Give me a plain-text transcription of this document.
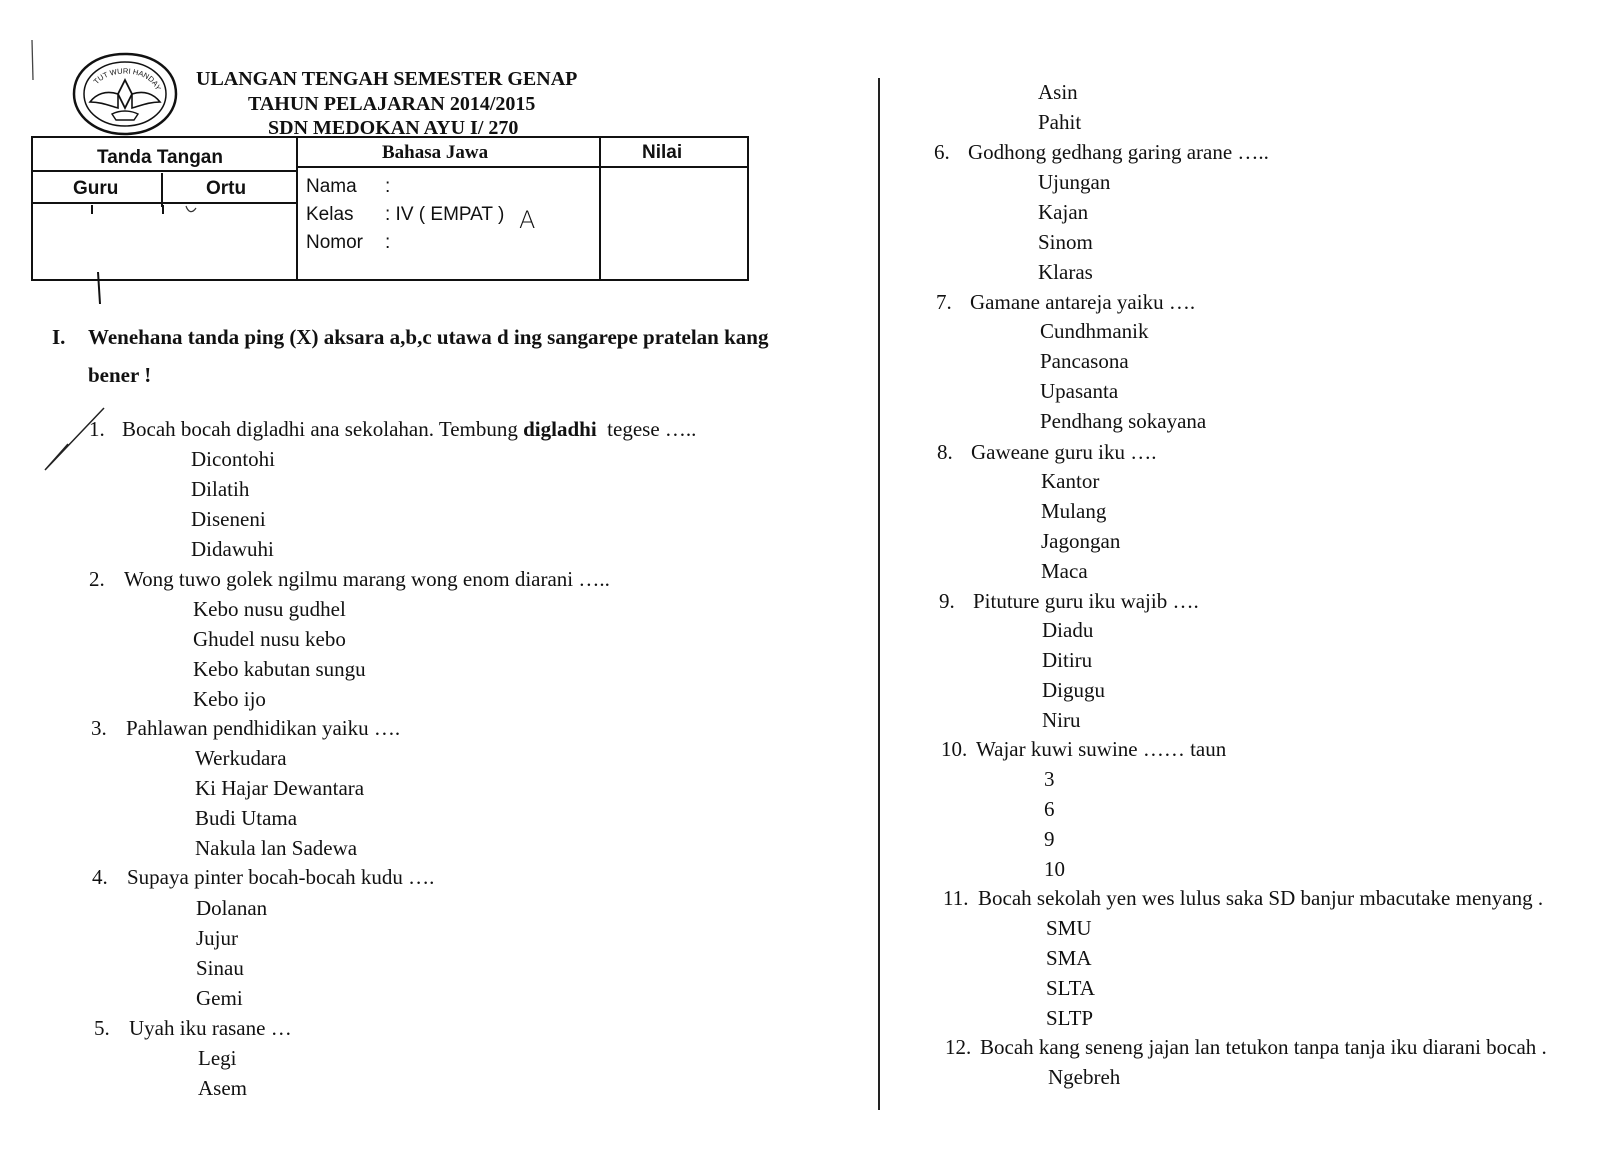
TUT WURI HANDAY ULANGAN TENGAH SEMESTER GENAP
TAHUN PELAJARAN 2014/2015
SDN MEDOKAN AYU I/ 270
Tanda Tangan
Guru	Ortu
Bahasa Jawa	Nilai
Nama :
Kelas : IV ( EMPAT ) A
Nomor :
I. Wenehana tanda ping (X) aksara a,b,c utawa d ing sangarepe pratelan kang
bener !
1. Bocah bocah digladhi ana sekolahan. Tembung digladhi  tegese …..
Dicontohi
Dilatih
Diseneni
Didawuhi
2. Wong tuwo golek ngilmu marang wong enom diarani …..
Kebo nusu gudhel
Ghudel nusu kebo
Kebo kabutan sungu
Kebo ijo
3. Pahlawan pendhidikan yaiku ….
Werkudara
Ki Hajar Dewantara
Budi Utama
Nakula lan Sadewa
4. Supaya pinter bocah-bocah kudu ….
Dolanan
Jujur
Sinau
Gemi
5. Uyah iku rasane …
Legi
Asem
Asin
Pahit
6. Godhong gedhang garing arane …..
Ujungan
Kajan
Sinom
Klaras
7. Gamane antareja yaiku ….
Cundhmanik
Pancasona
Upasanta
Pendhang sokayana
8. Gaweane guru iku ….
Kantor
Mulang
Jagongan
Maca
9. Pituture guru iku wajib ….
Diadu
Ditiru
Digugu
Niru
10. Wajar kuwi suwine …… taun
3
6
9
10
11. Bocah sekolah yen wes lulus saka SD banjur mbacutake menyang .
SMU
SMA
SLTA
SLTP
12. Bocah kang seneng jajan lan tetukon tanpa tanja iku diarani bocah .
Ngebreh
